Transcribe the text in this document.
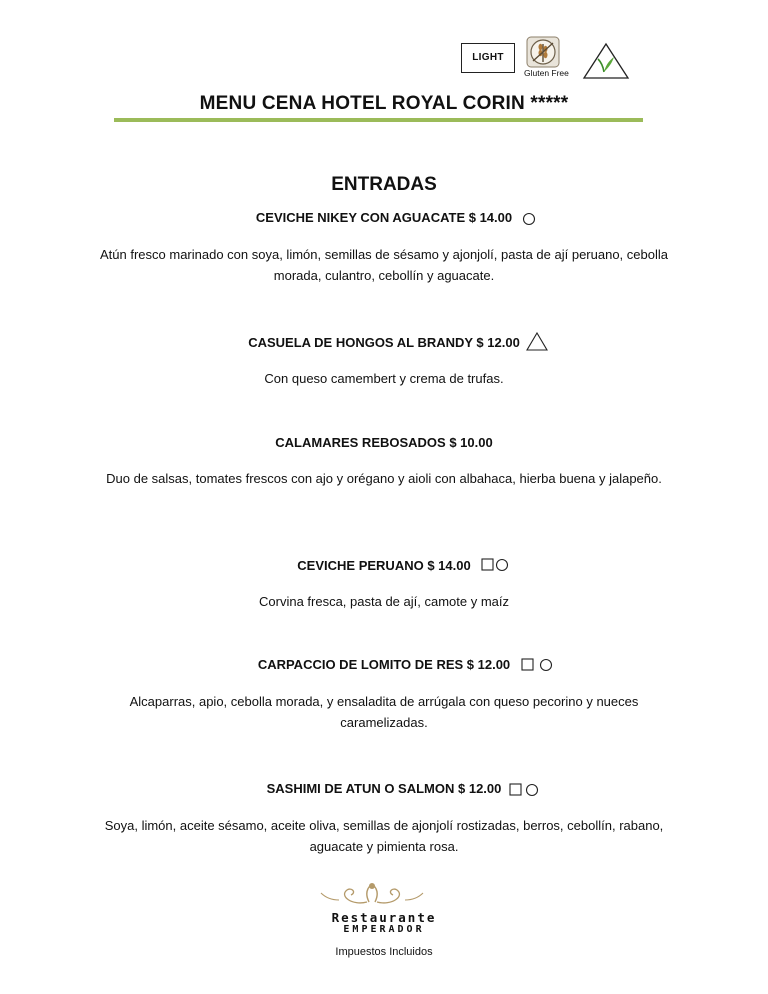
LIGHT
Gluten Free
MENU CENA HOTEL ROYAL CORIN *****
ENTRADAS
CEVICHE NIKEY CON AGUACATE $ 14.00
Atún fresco marinado con soya, limón, semillas de sésamo y ajonjolí, pasta de ají peruano, cebolla morada, culantro, cebollín y aguacate.
CASUELA DE HONGOS AL BRANDY $ 12.00
Con queso camembert y crema de trufas.
CALAMARES REBOSADOS $ 10.00
Duo de salsas, tomates frescos con ajo y orégano y aioli con albahaca, hierba buena y jalapeño.
CEVICHE PERUANO $ 14.00
Corvina fresca, pasta de ají, camote y maíz
CARPACCIO DE LOMITO DE RES $ 12.00
Alcaparras, apio, cebolla morada, y ensaladita de arrúgala con queso pecorino y nueces caramelizadas.
SASHIMI DE ATUN O SALMON $ 12.00
Soya, limón, aceite sésamo, aceite oliva, semillas de ajonjolí rostizadas, berros, cebollín, rabano, aguacate y pimienta rosa.
Restaurante
EMPERADOR
Impuestos Incluidos
